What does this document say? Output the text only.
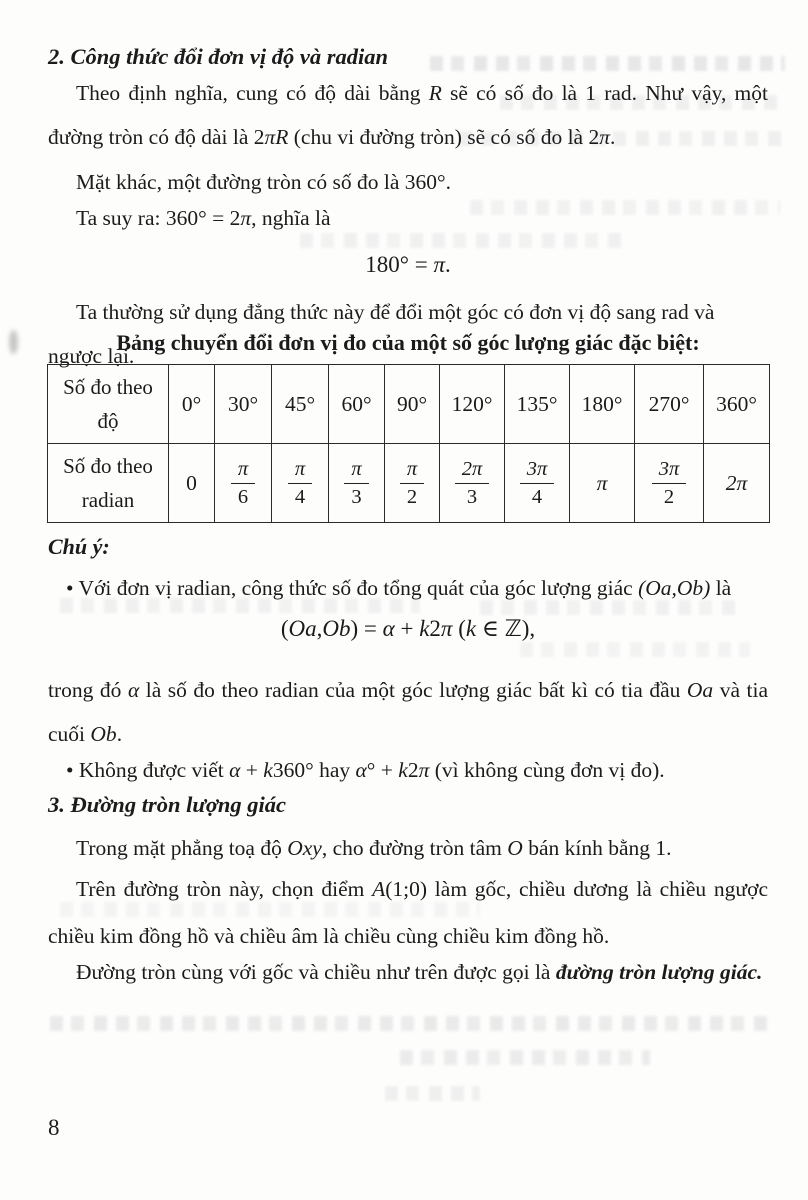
2. Công thức đổi đơn vị độ và radian
Theo định nghĩa, cung có độ dài bằng R sẽ có số đo là 1 rad. Như vậy, một đường tròn có độ dài là 2πR (chu vi đường tròn) sẽ có số đo là 2π.
Mặt khác, một đường tròn có số đo là 360°.
Ta suy ra: 360° = 2π, nghĩa là
180° = π.
Ta thường sử dụng đẳng thức này để đổi một góc có đơn vị độ sang rad và ngược lại.
Bảng chuyển đổi đơn vị đo của một số góc lượng giác đặc biệt:
Số đo theo
độ	0°	30°	45°	60°	90°	120°	135°	180°	270°	360°

Số đo theo
radian	0	$\frac{\pi}{6}$	$\frac{\pi}{4}$	$\frac{\pi}{3}$	$\frac{\pi}{2}$	$\frac{2\pi}{3}$	$\frac{3\pi}{4}$	π	$\frac{3\pi}{2}$	2π
Chú ý:
• Với đơn vị radian, công thức số đo tổng quát của góc lượng giác (Oa,Ob) là
(Oa,Ob) = α + k2π (k ∈ ℤ),
trong đó α là số đo theo radian của một góc lượng giác bất kì có tia đầu Oa và tia cuối Ob.
• Không được viết α + k360° hay α° + k2π (vì không cùng đơn vị đo).
3. Đường tròn lượng giác
Trong mặt phẳng toạ độ Oxy, cho đường tròn tâm O bán kính bằng 1.
Trên đường tròn này, chọn điểm A(1;0) làm gốc, chiều dương là chiều ngược chiều kim đồng hồ và chiều âm là chiều cùng chiều kim đồng hồ.
Đường tròn cùng với gốc và chiều như trên được gọi là đường tròn lượng giác.
8
